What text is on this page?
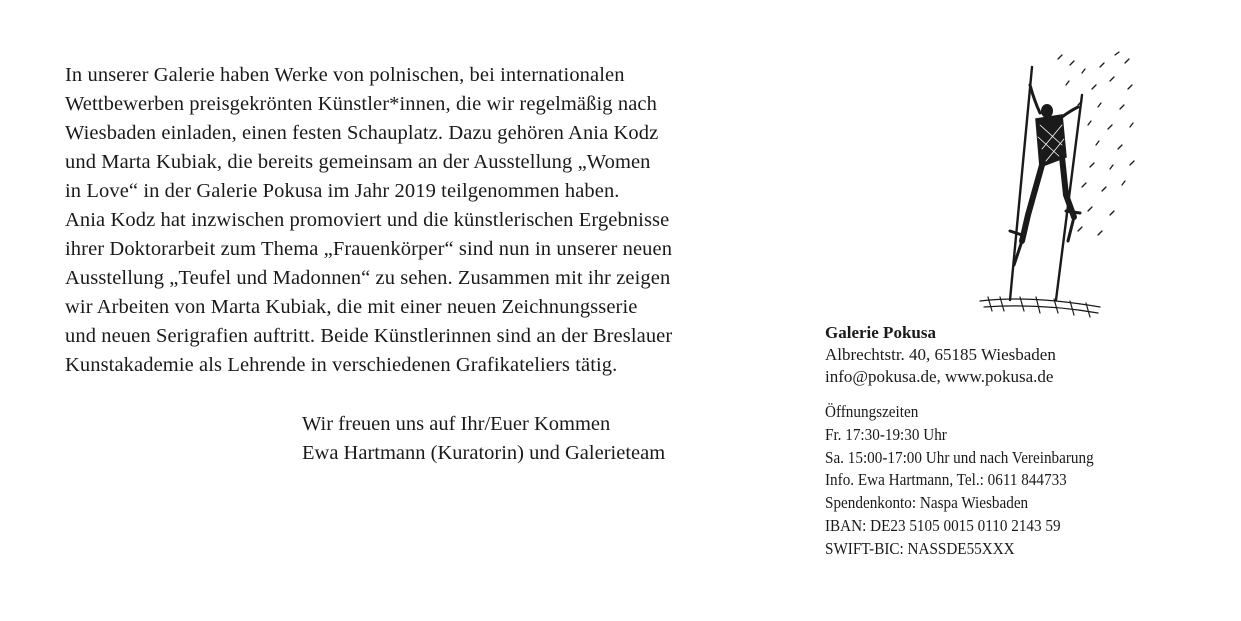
In unserer Galerie haben Werke von polnischen, bei internationalen
Wettbewerben preisgekrönten Künstler*innen, die wir regelmäßig nach
Wiesbaden einladen, einen festen Schauplatz. Dazu gehören Ania Kodz
und Marta Kubiak, die bereits gemeinsam an der Ausstellung „Women
in Love“ in der Galerie Pokusa im Jahr 2019 teilgenommen haben.
Ania Kodz hat inzwischen promoviert und die künstlerischen Ergebnisse
ihrer Doktorarbeit zum Thema „Frauenkörper“ sind nun in unserer neuen
Ausstellung „Teufel und Madonnen“ zu sehen. Zusammen mit ihr zeigen
wir Arbeiten von Marta Kubiak, die mit einer neuen Zeichnungsserie
und neuen Serigrafien auftritt. Beide Künstlerinnen sind an der Breslauer
Kunstakademie als Lehrende in verschiedenen Grafikateliers tätig.
Wir freuen uns auf Ihr/Euer Kommen
Ewa Hartmann (Kuratorin) und Galerieteam
Galerie Pokusa
Albrechtstr. 40, 65185 Wiesbaden
info@pokusa.de, www.pokusa.de
Öffnungszeiten
Fr. 17:30-19:30 Uhr
Sa. 15:00-17:00 Uhr und nach Vereinbarung
Info. Ewa Hartmann, Tel.: 0611 844733
Spendenkonto: Naspa Wiesbaden
IBAN: DE23 5105 0015 0110 2143 59
SWIFT-BIC: NASSDE55XXX
